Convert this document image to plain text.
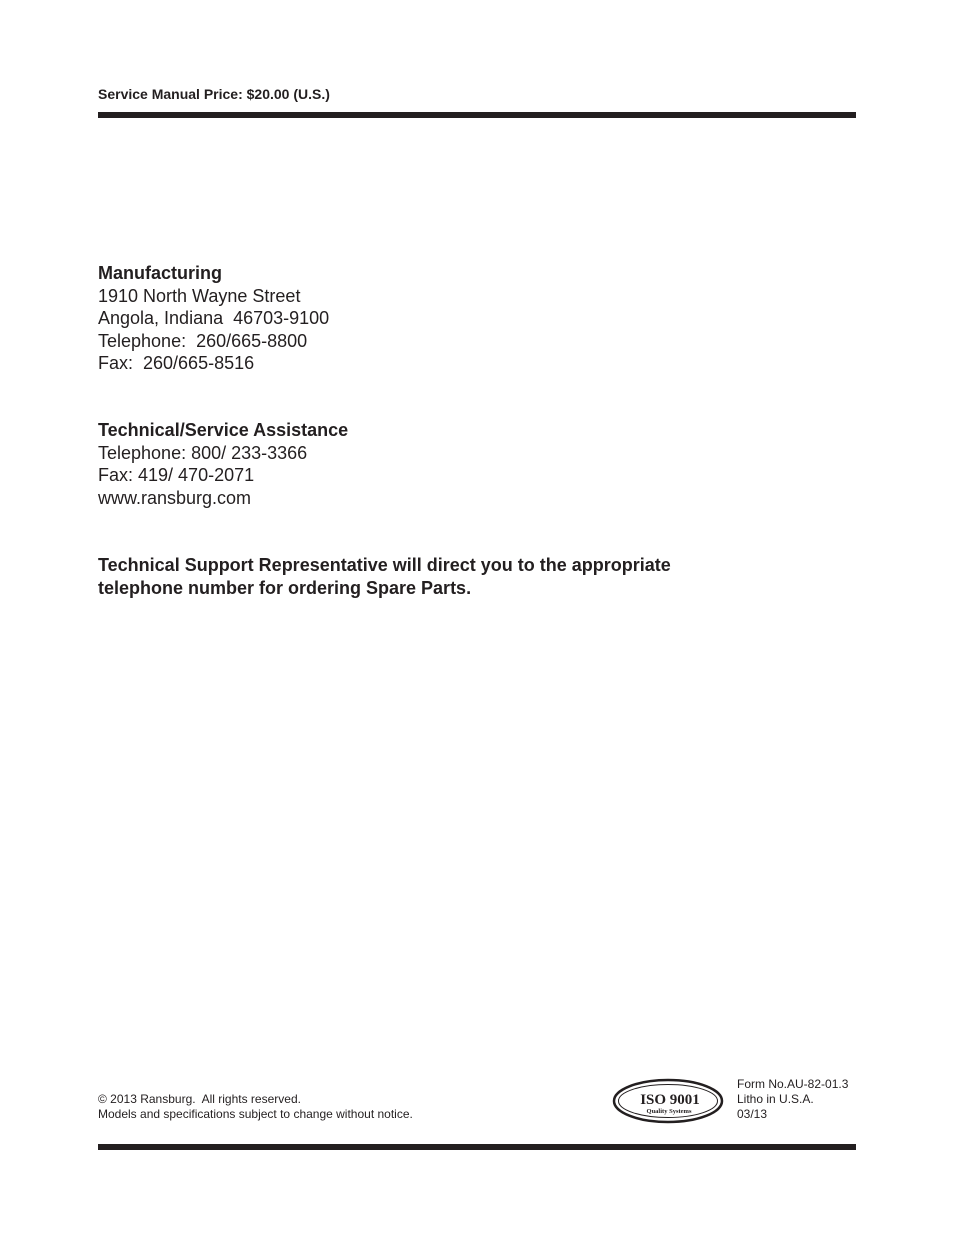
Service Manual Price: $20.00 (U.S.)
Manufacturing
1910 North Wayne Street
Angola, Indiana  46703-9100
Telephone:  260/665-8800
Fax:  260/665-8516
Technical/Service Assistance
Telephone: 800/ 233-3366
Fax: 419/ 470-2071
www.ransburg.com
Technical Support Representative will direct you to the appropriate
telephone number for ordering Spare Parts.
© 2013 Ransburg.  All rights reserved.
Models and specifications subject to change without notice.
ISO 9001
Quality Systems
Form No.AU-82-01.3
Litho in U.S.A.
03/13
